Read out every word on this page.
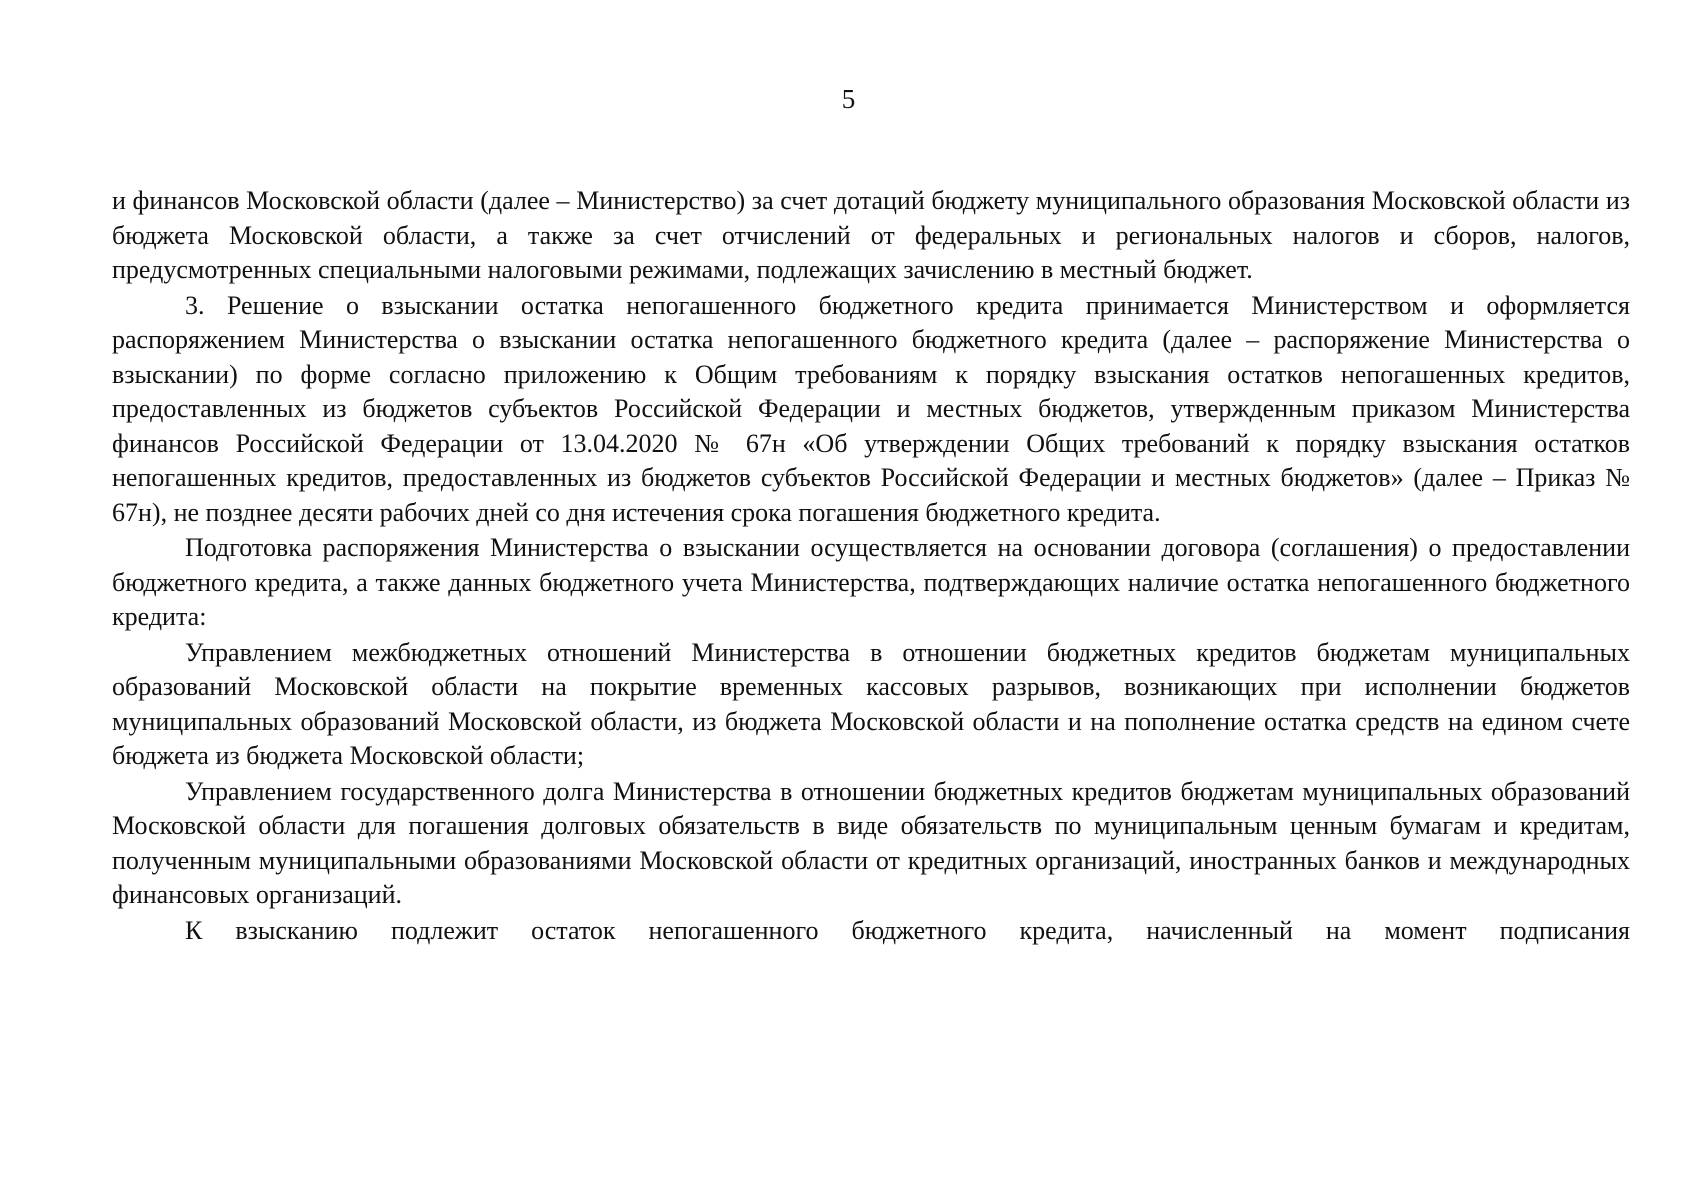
5

и финансов Московской области (далее – Министерство) за счет дотаций бюджету муниципального образования Московской области из бюджета Московской области, а также за счет отчислений от федеральных и региональных налогов и сборов, налогов, предусмотренных специальными налоговыми режимами, подлежащих зачислению в местный бюджет.

3. Решение о взыскании остатка непогашенного бюджетного кредита принимается Министерством и оформляется распоряжением Министерства о взыскании остатка непогашенного бюджетного кредита (далее – распоряжение Министерства о взыскании) по форме согласно приложению к Общим требованиям к порядку взыскания остатков непогашенных кредитов, предоставленных из бюджетов субъектов Российской Федерации и местных бюджетов, утвержденным приказом Министерства финансов Российской Федерации от 13.04.2020 № 67н «Об утверждении Общих требований к порядку взыскания остатков непогашенных кредитов, предоставленных из бюджетов субъектов Российской Федерации и местных бюджетов» (далее – Приказ № 67н), не позднее десяти рабочих дней со дня истечения срока погашения бюджетного кредита.

Подготовка распоряжения Министерства о взыскании осуществляется на основании договора (соглашения) о предоставлении бюджетного кредита, а также данных бюджетного учета Министерства, подтверждающих наличие остатка непогашенного бюджетного кредита:

Управлением межбюджетных отношений Министерства в отношении бюджетных кредитов бюджетам муниципальных образований Московской области на покрытие временных кассовых разрывов, возникающих при исполнении бюджетов муниципальных образований Московской области, из бюджета Московской области и на пополнение остатка средств на едином счете бюджета из бюджета Московской области;

Управлением государственного долга Министерства в отношении бюджетных кредитов бюджетам муниципальных образований Московской области для погашения долговых обязательств в виде обязательств по муниципальным ценным бумагам и кредитам, полученным муниципальными образованиями Московской области от кредитных организаций, иностранных банков и международных финансовых организаций.

К взысканию подлежит остаток непогашенного бюджетного кредита, начисленный на момент подписания
